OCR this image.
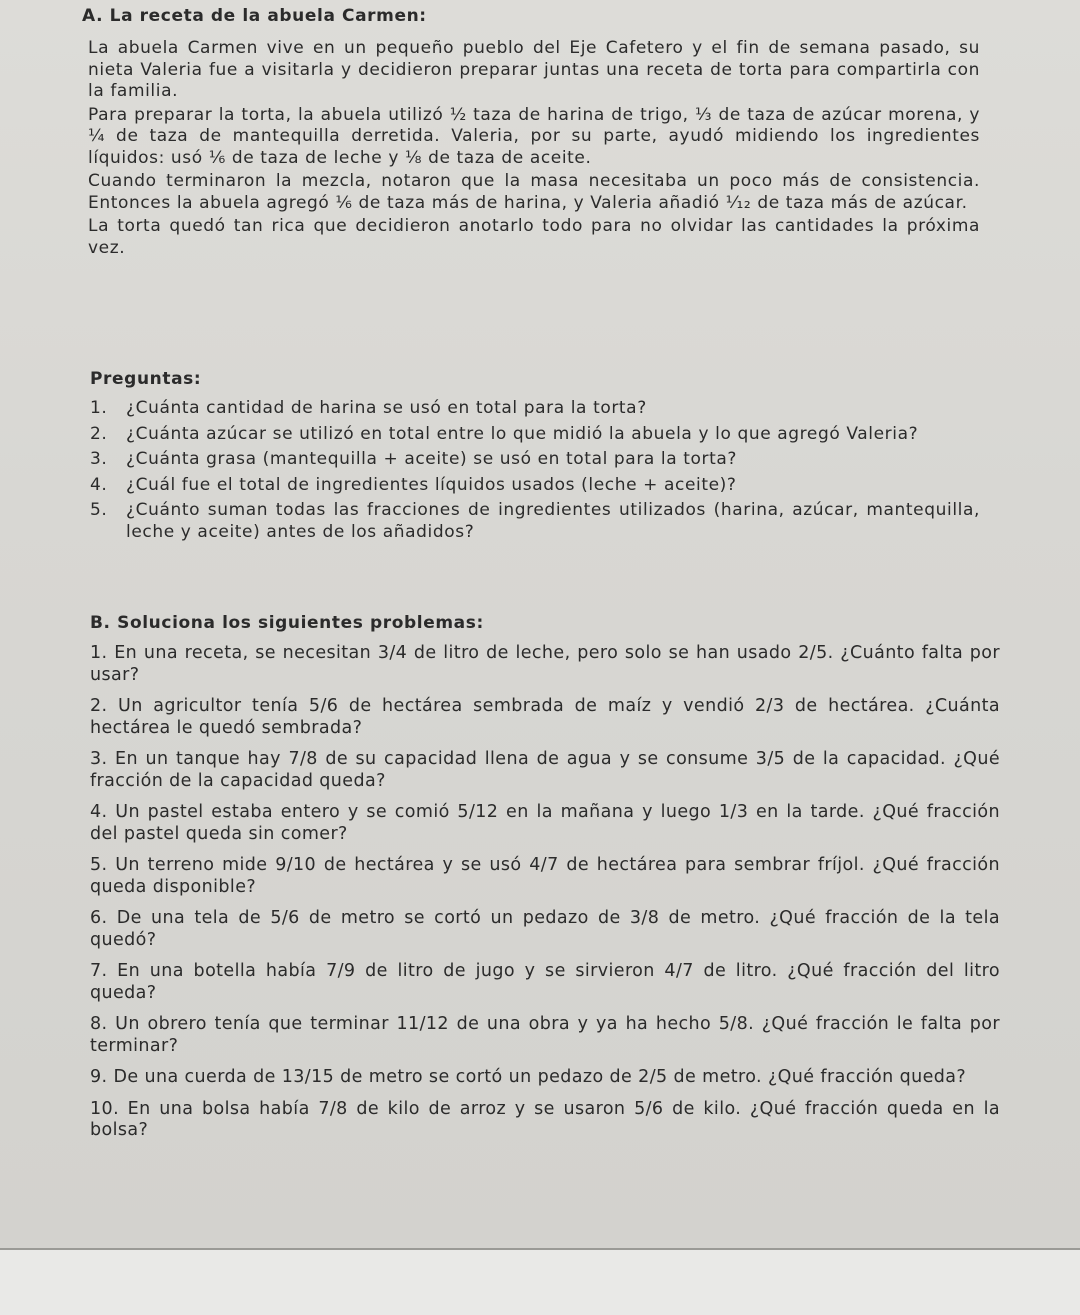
A. La receta de la abuela Carmen:

La abuela Carmen vive en un pequeño pueblo del Eje Cafetero y el fin de semana pasado, su nieta Valeria fue a visitarla y decidieron preparar juntas una receta de torta para compartirla con la familia.

Para preparar la torta, la abuela utilizó ½ taza de harina de trigo, ⅓ de taza de azúcar morena, y ¼ de taza de mantequilla derretida. Valeria, por su parte, ayudó midiendo los ingredientes líquidos: usó ⅙ de taza de leche y ⅛ de taza de aceite.

Cuando terminaron la mezcla, notaron que la masa necesitaba un poco más de consistencia. Entonces la abuela agregó ⅙ de taza más de harina, y Valeria añadió ¹⁄₁₂ de taza más de azúcar.

La torta quedó tan rica que decidieron anotarlo todo para no olvidar las cantidades la próxima vez.

Preguntas:
1.	¿Cuánta cantidad de harina se usó en total para la torta?
2.	¿Cuánta azúcar se utilizó en total entre lo que midió la abuela y lo que agregó Valeria?
3.	¿Cuánta grasa (mantequilla + aceite) se usó en total para la torta?
4.	¿Cuál fue el total de ingredientes líquidos usados (leche + aceite)?
5.	¿Cuánto suman todas las fracciones de ingredientes utilizados (harina, azúcar, mantequilla, leche y aceite) antes de los añadidos?
B. Soluciona los siguientes problemas:
1. En una receta, se necesitan 3/4 de litro de leche, pero solo se han usado 2/5. ¿Cuánto falta por usar?
2. Un agricultor tenía 5/6 de hectárea sembrada de maíz y vendió 2/3 de hectárea. ¿Cuánta hectárea le quedó sembrada?
3. En un tanque hay 7/8 de su capacidad llena de agua y se consume 3/5 de la capacidad. ¿Qué fracción de la capacidad queda?
4. Un pastel estaba entero y se comió 5/12 en la mañana y luego 1/3 en la tarde. ¿Qué fracción del pastel queda sin comer?
5. Un terreno mide 9/10 de hectárea y se usó 4/7 de hectárea para sembrar fríjol. ¿Qué fracción queda disponible?
6. De una tela de 5/6 de metro se cortó un pedazo de 3/8 de metro. ¿Qué fracción de la tela quedó?
7. En una botella había 7/9 de litro de jugo y se sirvieron 4/7 de litro. ¿Qué fracción del litro queda?
8. Un obrero tenía que terminar 11/12 de una obra y ya ha hecho 5/8. ¿Qué fracción le falta por terminar?
9. De una cuerda de 13/15 de metro se cortó un pedazo de 2/5 de metro. ¿Qué fracción queda?
10. En una bolsa había 7/8 de kilo de arroz y se usaron 5/6 de kilo. ¿Qué fracción queda en la bolsa?
